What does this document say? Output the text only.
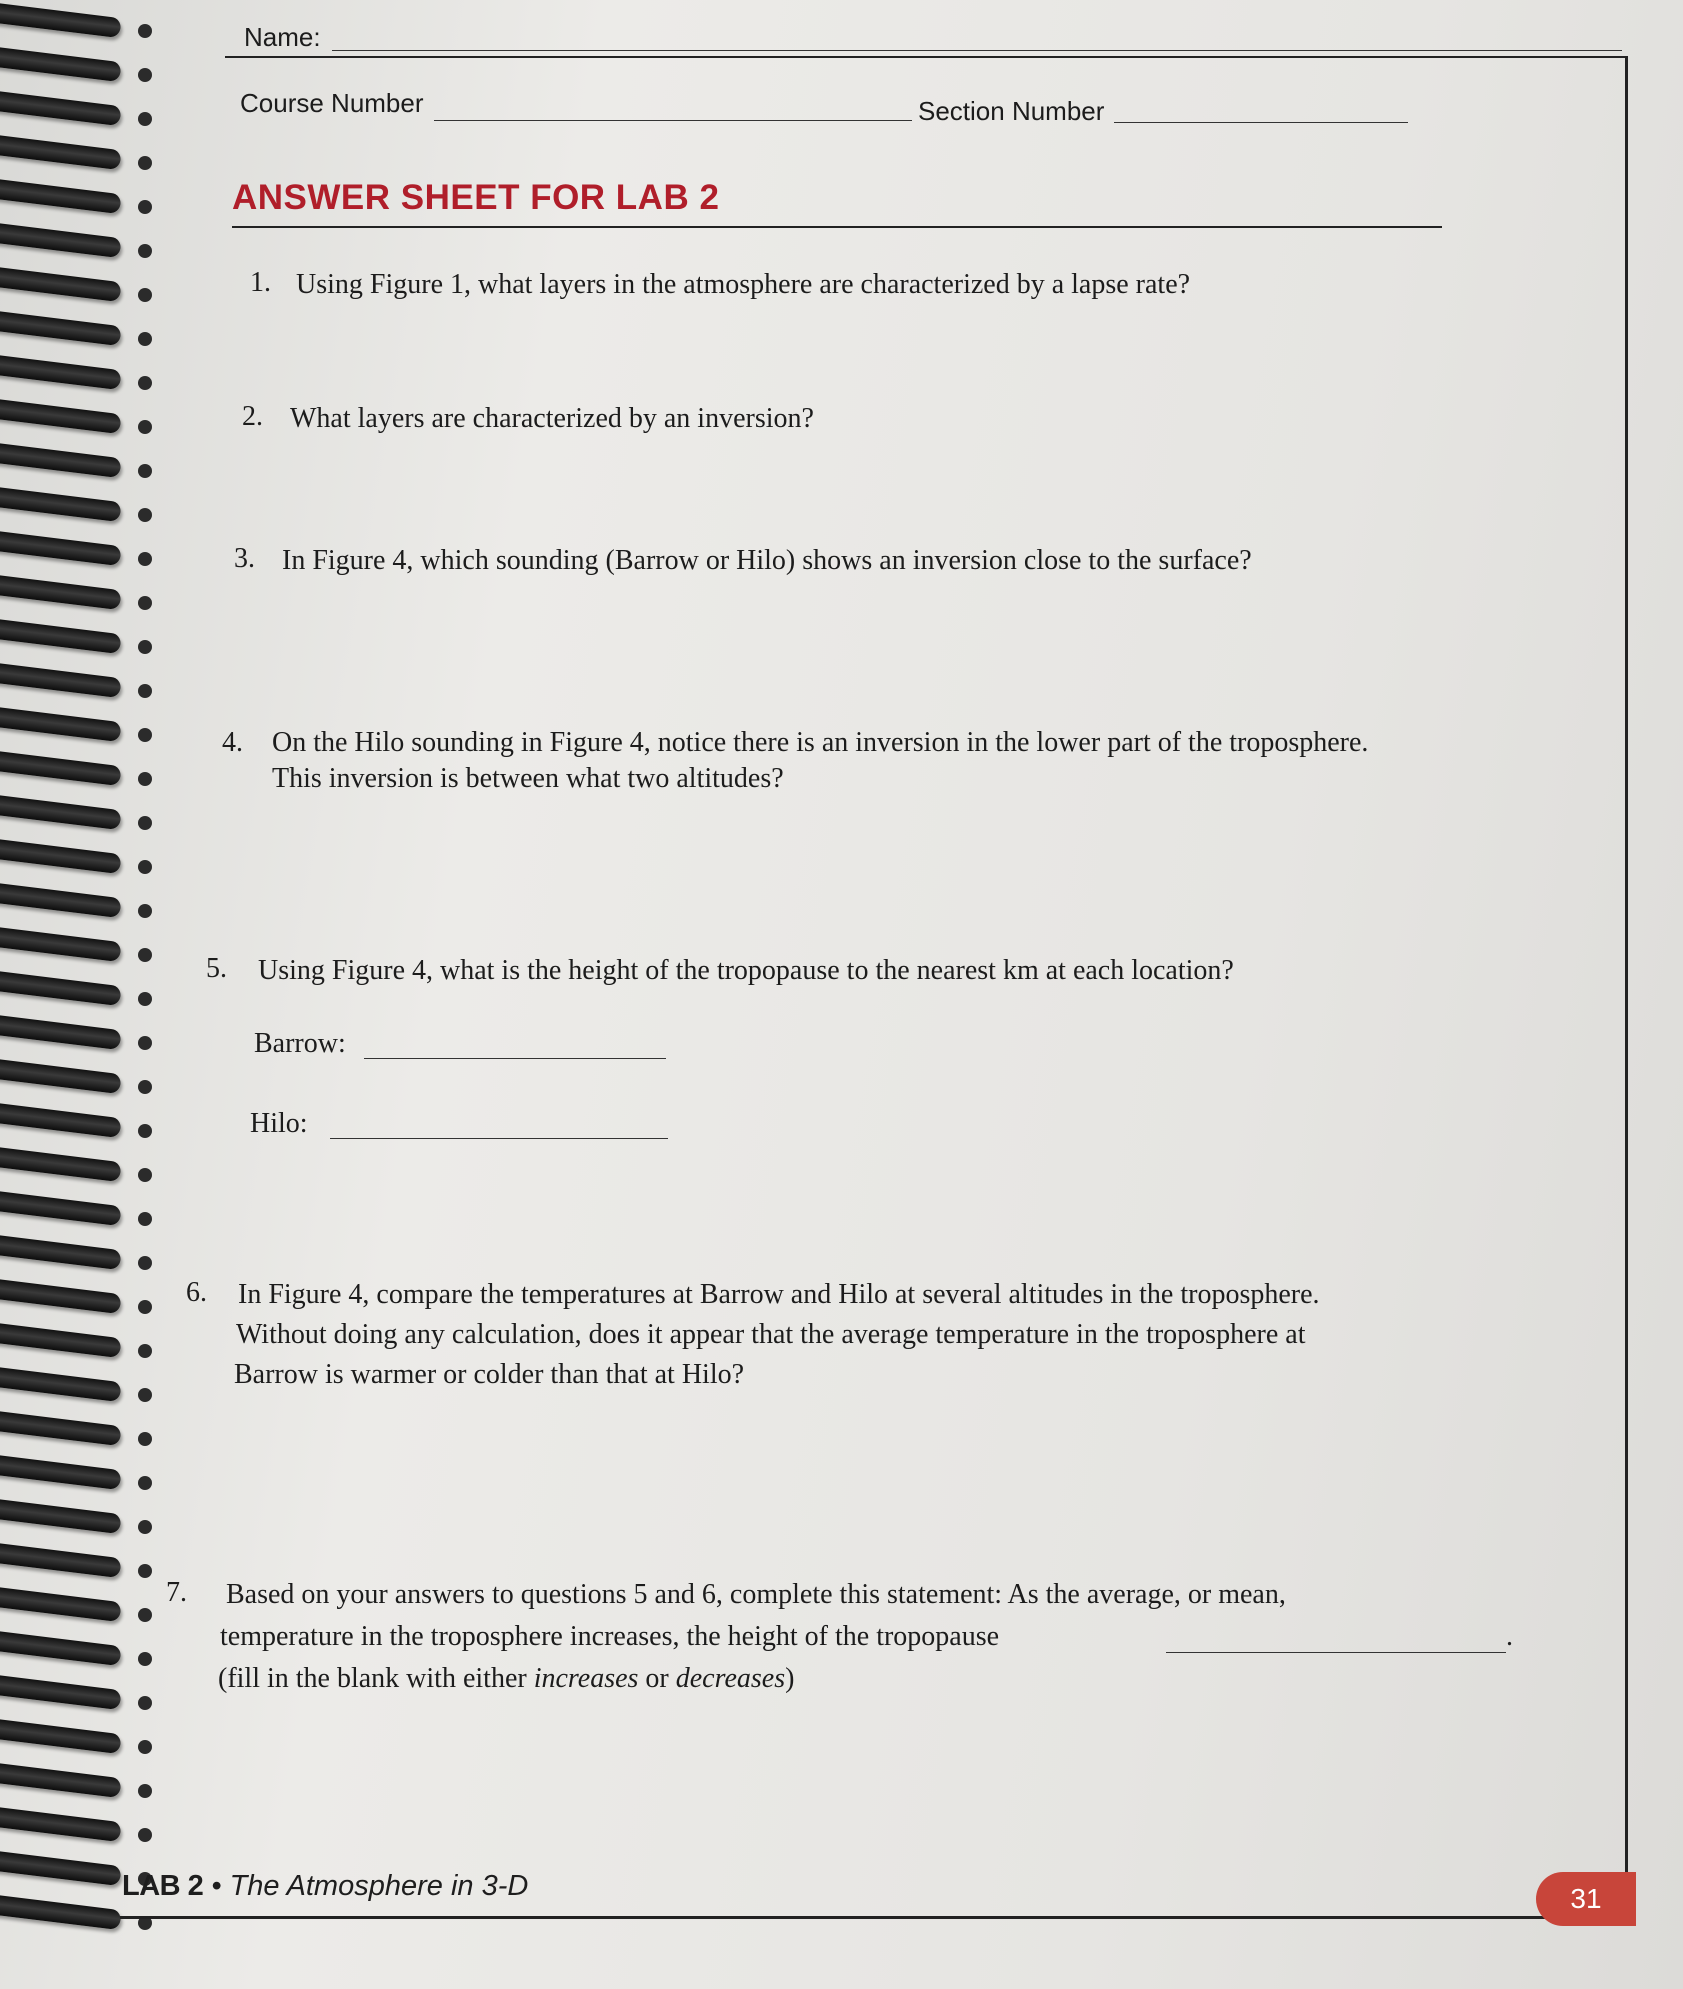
Name:
Course Number	Section Number
ANSWER SHEET FOR LAB 2
1. Using Figure 1, what layers in the atmosphere are characterized by a lapse rate?
2. What layers are characterized by an inversion?
3. In Figure 4, which sounding (Barrow or Hilo) shows an inversion close to the surface?
4. On the Hilo sounding in Figure 4, notice there is an inversion in the lower part of the troposphere.
This inversion is between what two altitudes?
5. Using Figure 4, what is the height of the tropopause to the nearest km at each location?
Barrow:
Hilo:
6. In Figure 4, compare the temperatures at Barrow and Hilo at several altitudes in the troposphere.
Without doing any calculation, does it appear that the average temperature in the troposphere at
Barrow is warmer or colder than that at Hilo?
7. Based on your answers to questions 5 and 6, complete this statement: As the average, or mean,
temperature in the troposphere increases, the height of the tropopause	.
(fill in the blank with either increases or decreases)
LAB 2 • The Atmosphere in 3-D	31
